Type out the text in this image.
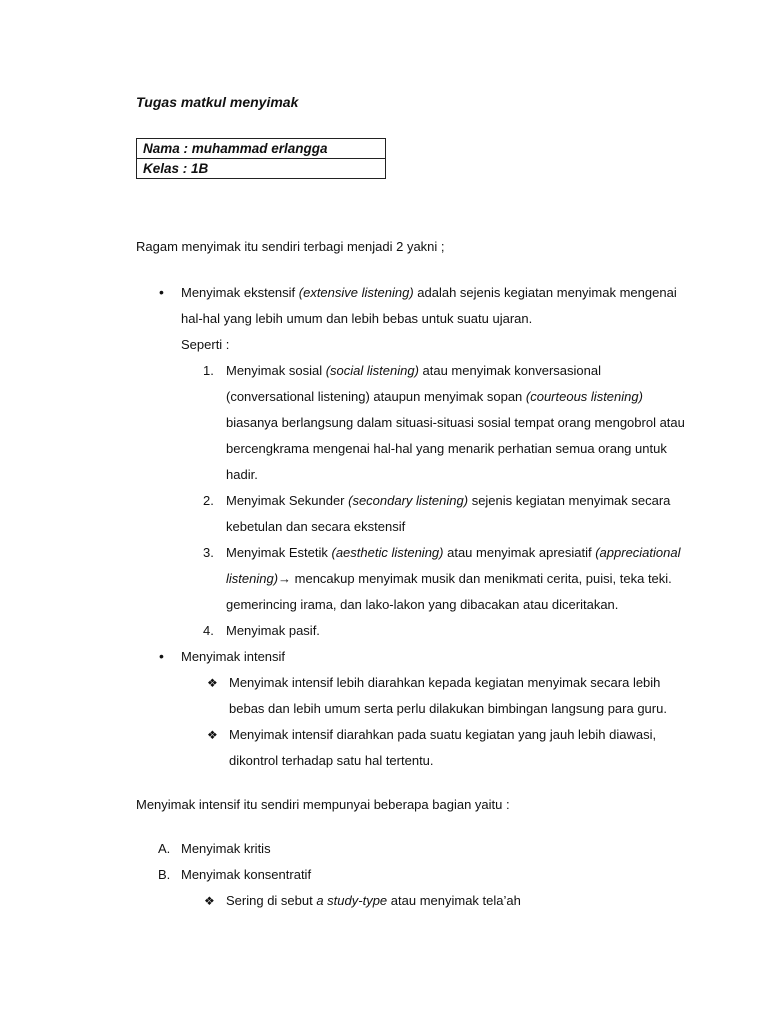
Tugas matkul menyimak
Nama : muhammad erlangga
Kelas : 1B
Ragam menyimak itu sendiri terbagi menjadi 2 yakni ;
• Menyimak ekstensif (extensive listening) adalah sejenis kegiatan menyimak mengenai
hal-hal yang lebih umum dan lebih bebas untuk suatu ujaran.
Seperti :
1. Menyimak sosial (social listening) atau menyimak konversasional
(conversational listening) ataupun menyimak sopan (courteous listening)
biasanya berlangsung dalam situasi-situasi sosial tempat orang mengobrol atau
bercengkrama mengenai hal-hal yang menarik perhatian semua orang untuk
hadir.
2. Menyimak Sekunder (secondary listening) sejenis kegiatan menyimak secara
kebetulan dan secara ekstensif
3. Menyimak Estetik (aesthetic listening) atau menyimak apresiatif (appreciational
listening)→ mencakup menyimak musik dan menikmati cerita, puisi, teka teki.
gemerincing irama, dan lako-lakon yang dibacakan atau diceritakan.
4. Menyimak pasif.
• Menyimak intensif
❖ Menyimak intensif lebih diarahkan kepada kegiatan menyimak secara lebih
bebas dan lebih umum serta perlu dilakukan bimbingan langsung para guru.
❖ Menyimak intensif diarahkan pada suatu kegiatan yang jauh lebih diawasi,
dikontrol terhadap satu hal tertentu.
Menyimak intensif itu sendiri mempunyai beberapa bagian yaitu :
A. Menyimak kritis
B. Menyimak konsentratif
❖ Sering di sebut a study-type atau menyimak tela’ah
